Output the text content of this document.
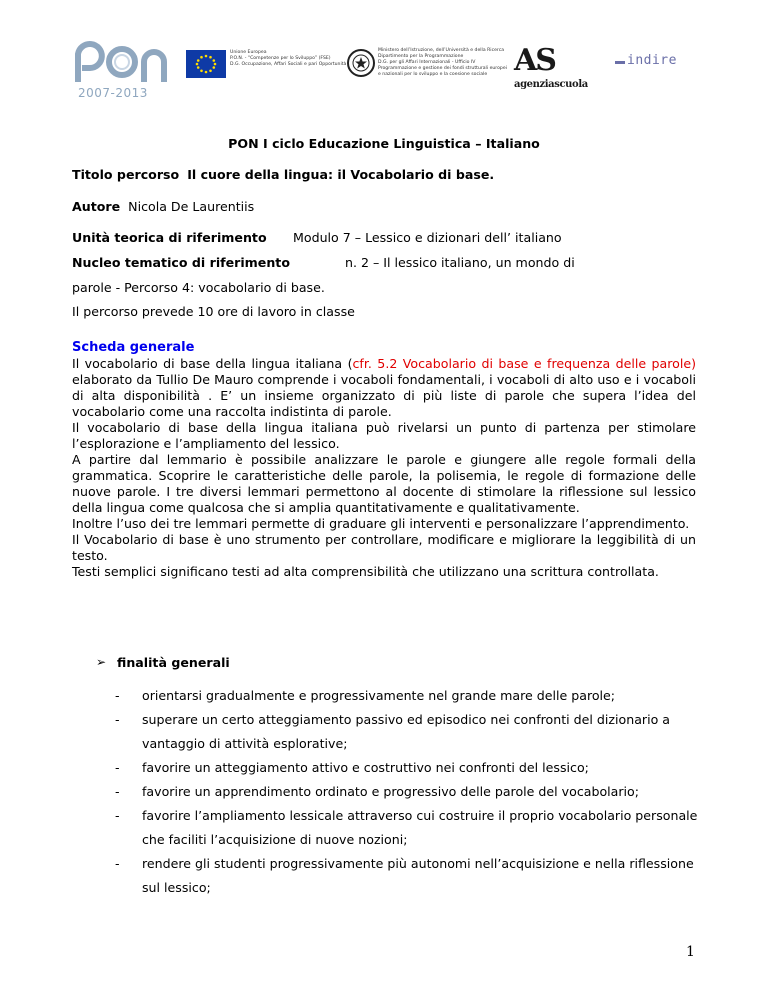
2007-2013
Unione Europea
P.O.N. - “Competenze per lo Sviluppo” (FSE)
D.G. Occupazione, Affari Sociali e pari Opportunità
Ministero dell’Istruzione, dell’Università e della Ricerca
Dipartimento per la Programmazione
D.G. per gli Affari Internazionali - Ufficio IV
Programmazione e gestione dei fondi strutturali europei
e nazionali per lo sviluppo e la coesione sociale AS
agenziascuola
indire
PON I ciclo Educazione Linguistica – Italiano
Titolo percorso Il cuore della lingua: il Vocabolario di base.
Autore Nicola De Laurentiis
Unità teorica di riferimento Modulo 7 – Lessico e dizionari dell’ italiano
Nucleo tematico di riferimento	n. 2 – Il lessico italiano, un mondo di
parole - Percorso 4: vocabolario di base.
Il percorso prevede 10 ore di lavoro in classe
Scheda generale

Il vocabolario di base della lingua italiana (cfr. 5.2 Vocabolario di base e frequenza delle parole) elaborato da Tullio De Mauro comprende i vocaboli fondamentali, i vocaboli di alto uso e i vocaboli di alta disponibilità . E’ un insieme organizzato di più liste di parole che supera l’idea del vocabolario come una raccolta indistinta di parole.

Il vocabolario di base della lingua italiana può rivelarsi un punto di partenza per stimolare l’esplorazione e l’ampliamento del lessico.

A partire dal lemmario è possibile analizzare le parole e giungere alle regole formali della grammatica. Scoprire le caratteristiche delle parole, la polisemia, le regole di formazione delle nuove parole. I tre diversi lemmari permettono al docente di stimolare la riflessione sul lessico della lingua come qualcosa che si amplia quantitativamente e qualitativamente.

Inoltre l’uso dei tre lemmari permette di graduare gli interventi e personalizzare l’apprendimento.

Il Vocabolario di base è uno strumento per controllare, modificare e migliorare la leggibilità di un testo.

Testi semplici significano testi ad alta comprensibilità che utilizzano una scrittura controllata.

➢ finalità generali
- orientarsi gradualmente e progressivamente nel grande mare delle parole;
- superare un certo atteggiamento passivo ed episodico nei confronti del dizionario a vantaggio di attività esplorative;
- favorire un atteggiamento attivo e costruttivo nei confronti del lessico;
- favorire un apprendimento ordinato e progressivo delle parole del vocabolario;
- favorire l’ampliamento lessicale attraverso cui costruire il proprio vocabolario personale che faciliti l’acquisizione di nuove nozioni;
- rendere gli studenti progressivamente più autonomi nell’acquisizione e nella riflessione sul lessico;
1
